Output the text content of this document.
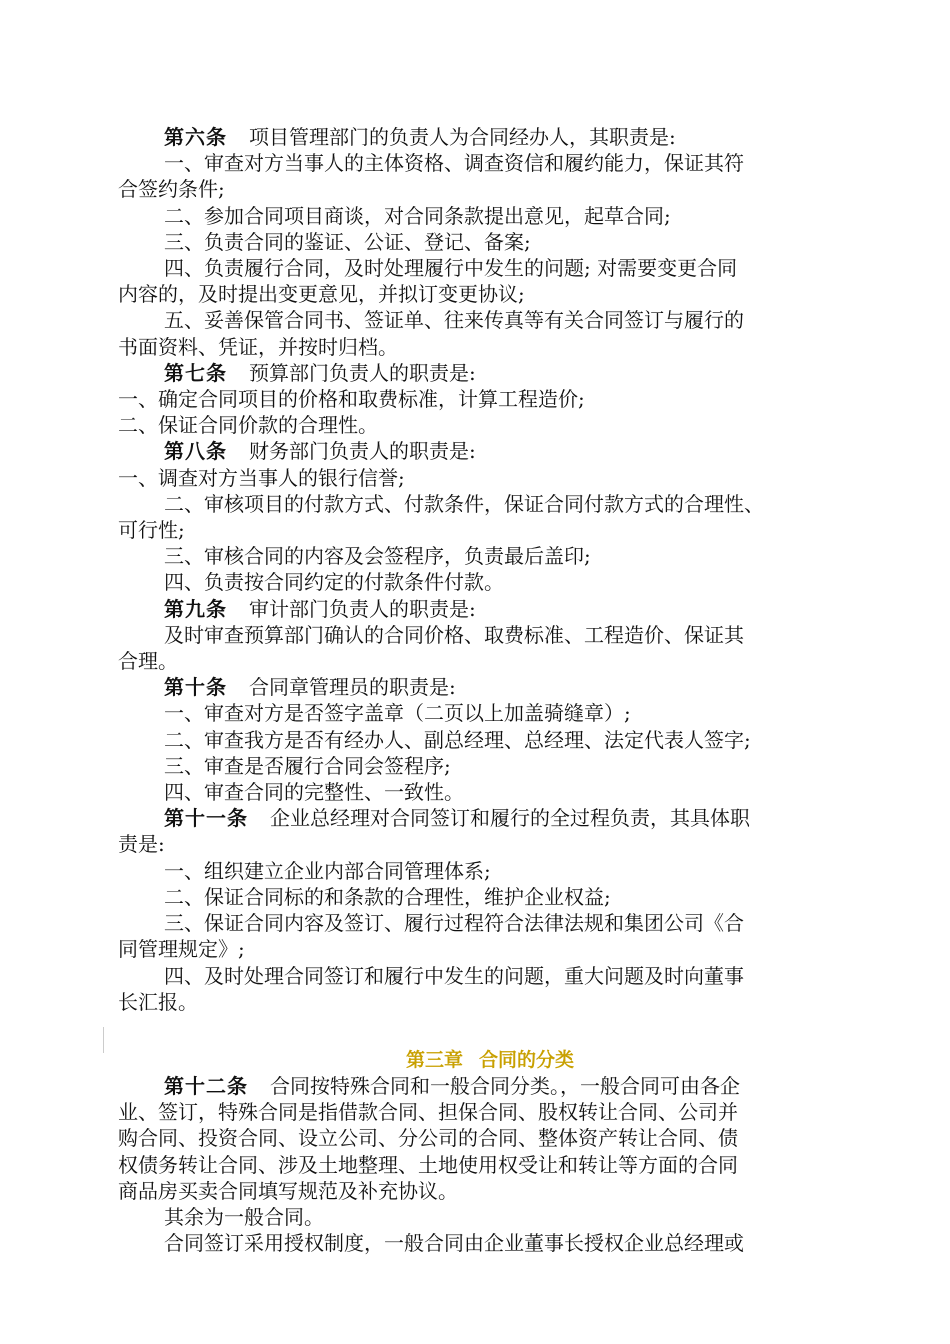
第六条 项目管理部门的负责人为合同经办人，其职责是:

一、审查对方当事人的主体资格、调查资信和履约能力，保证其符

合签约条件;

二、参加合同项目商谈，对合同条款提出意见，起草合同;

三、负责合同的鉴证、公证、登记、备案;

四、负责履行合同，及时处理履行中发生的问题; 对需要变更合同

内容的，及时提出变更意见，并拟订变更协议;

五、妥善保管合同书、签证单、往来传真等有关合同签订与履行的

书面资料、凭证，并按时归档。

第七条 预算部门负责人的职责是:

一、确定合同项目的价格和取费标准，计算工程造价;

二、保证合同价款的合理性。

第八条 财务部门负责人的职责是:

一、调查对方当事人的银行信誉;

二、审核项目的付款方式、付款条件，保证合同付款方式的合理性、

可行性;

三、审核合同的内容及会签程序，负责最后盖印;

四、负责按合同约定的付款条件付款。

第九条 审计部门负责人的职责是:

及时审查预算部门确认的合同价格、取费标准、工程造价、保证其

合理。

第十条 合同章管理员的职责是:

一、审查对方是否签字盖章（二页以上加盖骑缝章）;

二、审查我方是否有经办人、副总经理、总经理、法定代表人签字;

三、审查是否履行合同会签程序;

四、审查合同的完整性、一致性。

第十一条 企业总经理对合同签订和履行的全过程负责，其具体职

责是:

一、组织建立企业内部合同管理体系;

二、保证合同标的和条款的合理性，维护企业权益;

三、保证合同内容及签订、履行过程符合法律法规和集团公司《合

同管理规定》;

四、及时处理合同签订和履行中发生的问题，重大问题及时向董事

长汇报。

第三章 合同的分类

第十二条 合同按特殊合同和一般合同分类。，一般合同可由各企

业、签订，特殊合同是指借款合同、担保合同、股权转让合同、公司并

购合同、投资合同、设立公司、分公司的合同、整体资产转让合同、债

权债务转让合同、涉及土地整理、土地使用权受让和转让等方面的合同

商品房买卖合同填写规范及补充协议。

其余为一般合同。

合同签订采用授权制度，一般合同由企业董事长授权企业总经理或
